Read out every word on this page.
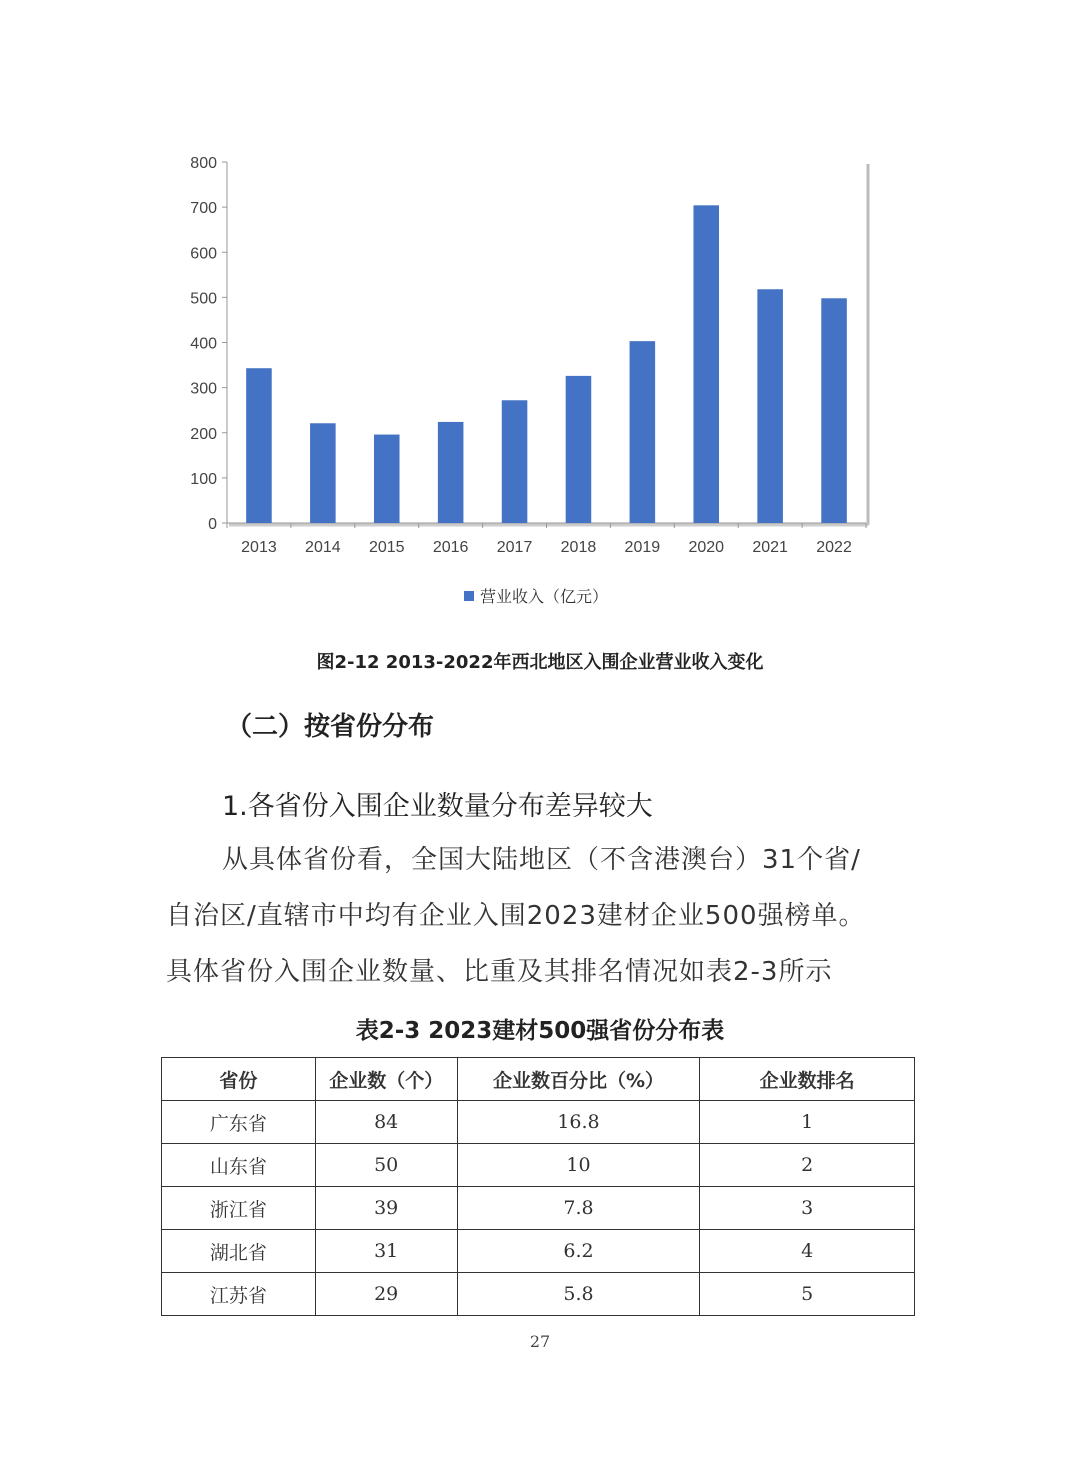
0
100
200
300
400
500
600
700
800
2013 2014 2015 2016 2017 2018 2019 2020 2021 2022
营业收入（亿元）
图2-12 2013-2022年西北地区入围企业营业收入变化
（二）按省份分布
1.各省份入围企业数量分布差异较大
从具体省份看，全国大陆地区（不含港澳台）31个省/
自治区/直辖市中均有企业入围2023建材企业500强榜单。
具体省份入围企业数量、比重及其排名情况如表2-3所示
表2-3 2023建材500强省份分布表
省份	企业数（个）	企业数百分比（%）	企业数排名
广东省	84	16.8	1
山东省	50	10	2
浙江省	39	7.8	3
湖北省	31	6.2	4
江苏省	29	5.8	5
27
